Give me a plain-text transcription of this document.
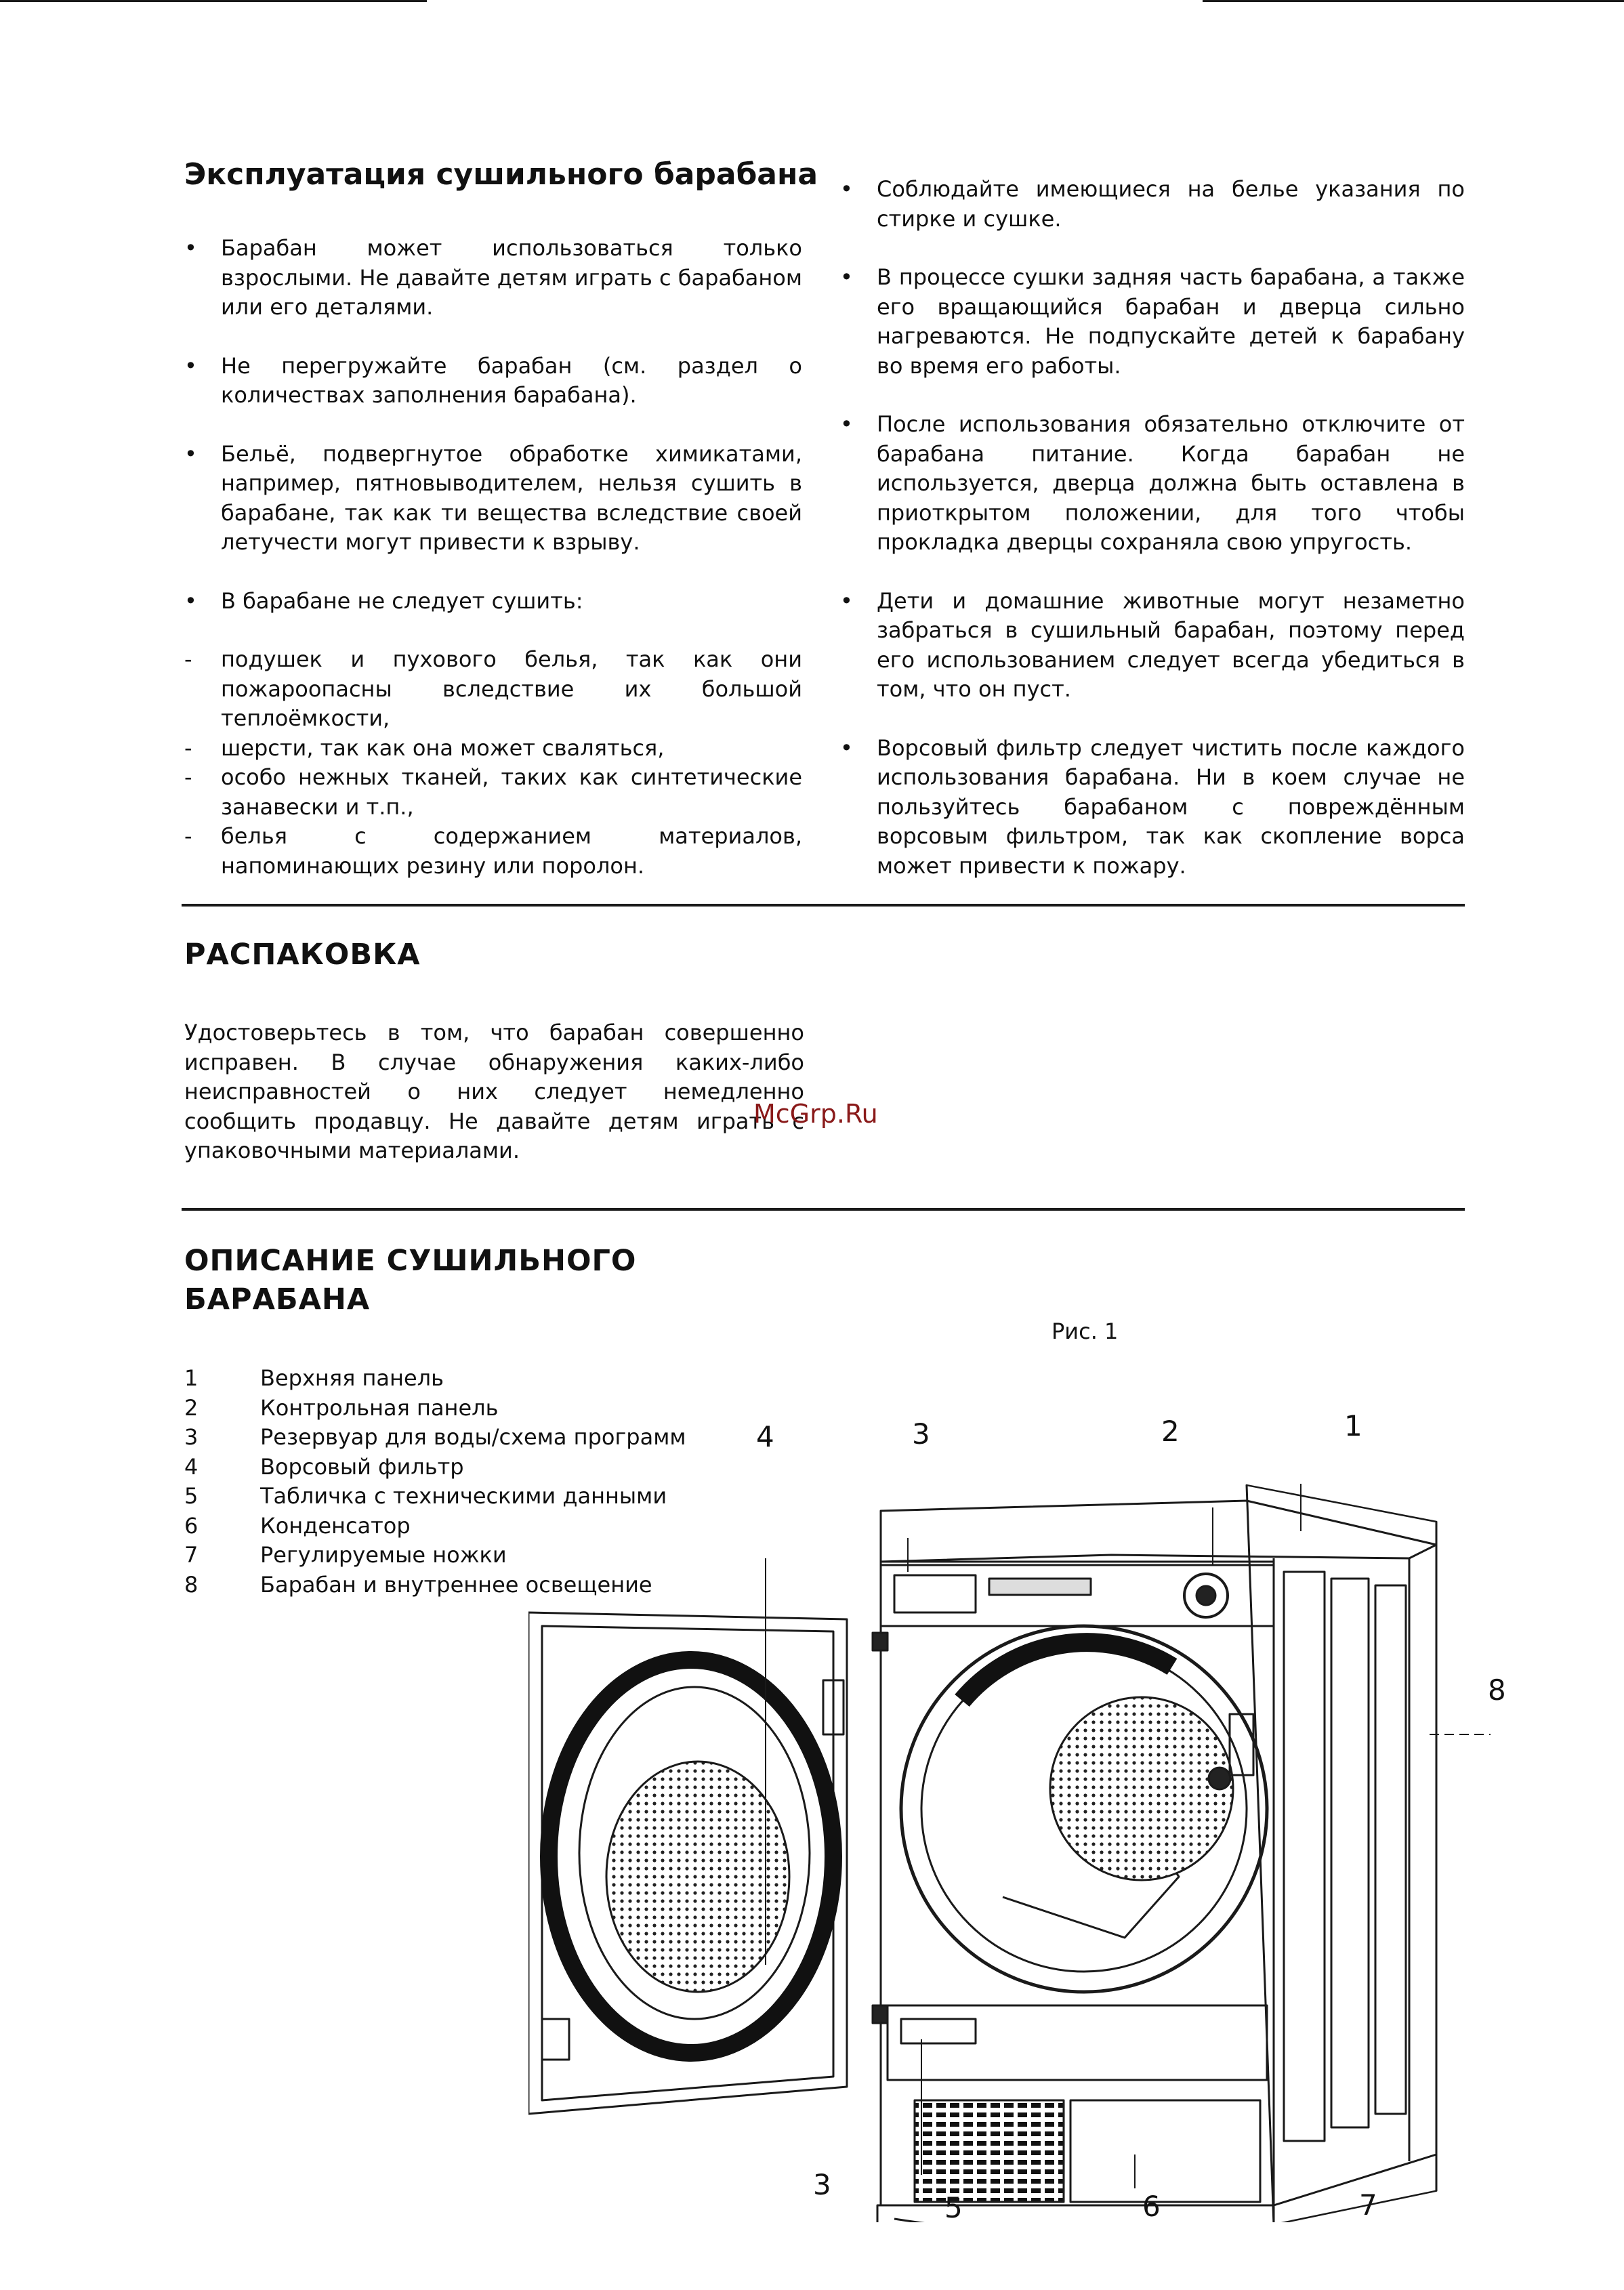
Эксплуатация сушильного барабана
• Барабан может использоваться только взрослыми. Не давайте детям играть с барабаном или его деталями.
• Не перегружайте барабан (см. раздел о количествах заполнения барабана).
• Бельё, подвергнутое обработке химикатами, например, пятновыводителем, нельзя сушить в барабане, так как ти вещества вследствие своей летучести могут привести к взрыву.
• В барабане не следует сушить:
- подушек и пухового белья, так как они пожароопасны вследствие их большой теплоёмкости,
- шерсти, так как она может сваляться,
- особо нежных тканей, таких как синтетические занавески и т.п.,
- белья с содержанием материалов, напоминающих резину или поролон.
• Соблюдайте имеющиеся на белье указания по стирке и сушке.
• В процессе сушки задняя часть барабана, а также его вращающийся барабан и дверца сильно нагреваются. Не подпускайте детей к барабану во время его работы.
• После использования обязательно отключите от барабана питание. Когда барабан не используется, дверца должна быть оставлена в приоткрытом положении, для того чтобы прокладка дверцы сохраняла свою упругость.
• Дети и домашние животные могут незаметно забраться в сушильный барабан, поэтому перед его использованием следует всегда убедиться в том, что он пуст.
• Ворсовый фильтр следует чистить после каждого использования барабана. Ни в коем случае не пользуйтесь барабаном с повреждённым ворсовым фильтром, так как скопление ворса может привести к пожару.
РАСПАКОВКА
Удостоверьтесь в том, что барабан совершенно исправен. В случае обнаружения каких-либо неисправностей о них следует немедленно сообщить продавцу. Не давайте детям играть с упаковочными материалами.
McGrp.Ru
ОПИСАНИЕ СУШИЛЬНОГО
БАРАБАНА
Рис. 1
1	Верхняя панель
2	Контрольная панель
3	Резервуар для воды/схема программ
4	Ворсовый фильтр
5	Табличка с техническими данными
6	Конденсатор
7	Регулируемые ножки
8	Барабан и внутреннее освещение
1
2
3
4
8
5	6	7
3
